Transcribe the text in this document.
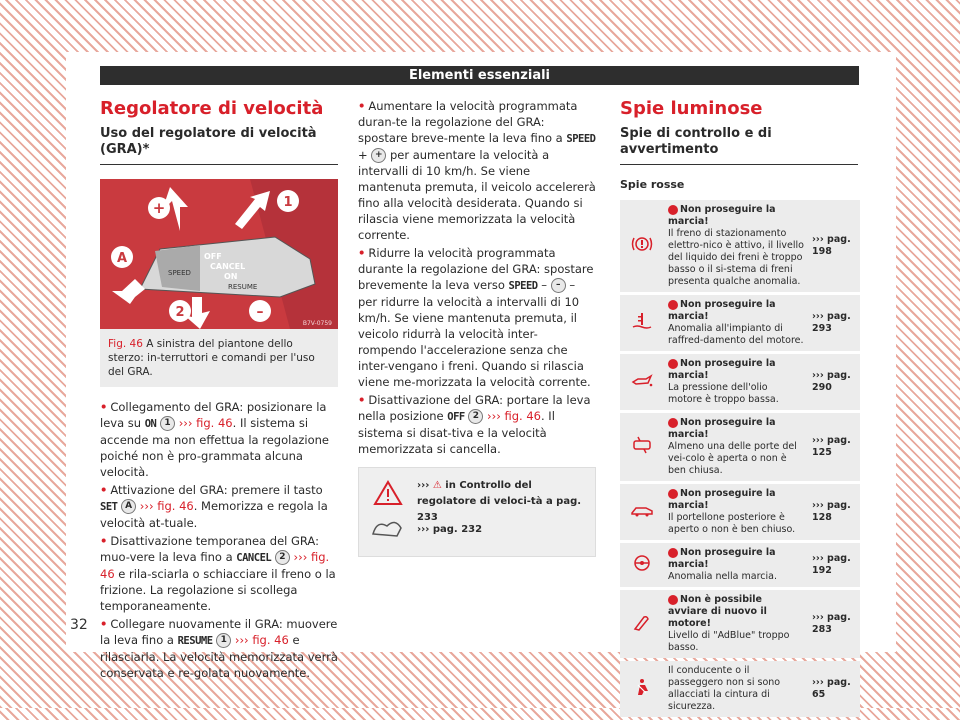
Elementi essenziali
Regolatore di velocità
Uso del regolatore di velocità (GRA)*
SPEED
OFF
CANCEL
ON
RESUME
+	1
A
2	–
B7V-0759
Fig. 46 A sinistra del piantone dello sterzo: in-terruttori e comandi per l'uso del GRA.

• Collegamento del GRA: posizionare la leva su ON 1 ››› fig. 46. Il sistema si accende ma non effettua la regolazione poiché non è pro-grammata alcuna velocità.

• Attivazione del GRA: premere il tasto SET A ››› fig. 46. Memorizza e regola la velocità at-tuale.

• Disattivazione temporanea del GRA: muo-vere la leva fino a CANCEL 2 ››› fig. 46 e rila-sciarla o schiacciare il freno o la frizione. La regolazione si scollega temporaneamente.

• Collegare nuovamente il GRA: muovere la leva fino a RESUME 1 ››› fig. 46 e rilasciarla. La velocità memorizzata verrà conservata e re-golata nuovamente.

• Aumentare la velocità programmata duran-te la regolazione del GRA: spostare breve-mente la leva fino a SPEED + + per aumentare la velocità a intervalli di 10 km/h. Se viene mantenuta premuta, il veicolo accelererà fino alla velocità desiderata. Quando si rilascia viene memorizzata la velocità corrente.

• Ridurre la velocità programmata durante la regolazione del GRA: spostare brevemente la leva verso SPEED – – – per ridurre la velocità a intervalli di 10 km/h. Se viene mantenuta premuta, il veicolo ridurrà la velocità inter-rompendo l'accelerazione senza che inter-vengano i freni. Quando si rilascia viene me-morizzata la velocità corrente.

• Disattivazione del GRA: portare la leva nella posizione OFF 2 ››› fig. 46. Il sistema si disat-tiva e la velocità memorizzata si cancella.

››› ⚠ in Controllo del regolatore di veloci-tà a pag. 233
››› pag. 232
Spie luminose
Spie di controllo e di avvertimento
Spie rosse

Non proseguire la marcia!
Il freno di stazionamento elettro-nico è attivo, il livello del liquido dei freni è troppo basso o il si-stema di freni presenta qualche anomalia.	››› pag. 198

Non proseguire la marcia!
Anomalia all'impianto di raffred-damento del motore.	››› pag. 293

Non proseguire la marcia!
La pressione dell'olio motore è troppo bassa.	››› pag. 290

Non proseguire la marcia!
Almeno una delle porte del vei-colo è aperta o non è ben chiusa.	››› pag. 125

Non proseguire la marcia!
Il portellone posteriore è aperto o non è ben chiuso.	››› pag. 128

Non proseguire la marcia!
Anomalia nella marcia.	››› pag. 192

Non è possibile avviare di nuovo il motore!
Livello di "AdBlue" troppo basso.	››› pag. 283

Il conducente o il passeggero non si sono allacciati la cintura di sicurezza.	››› pag. 65
32
